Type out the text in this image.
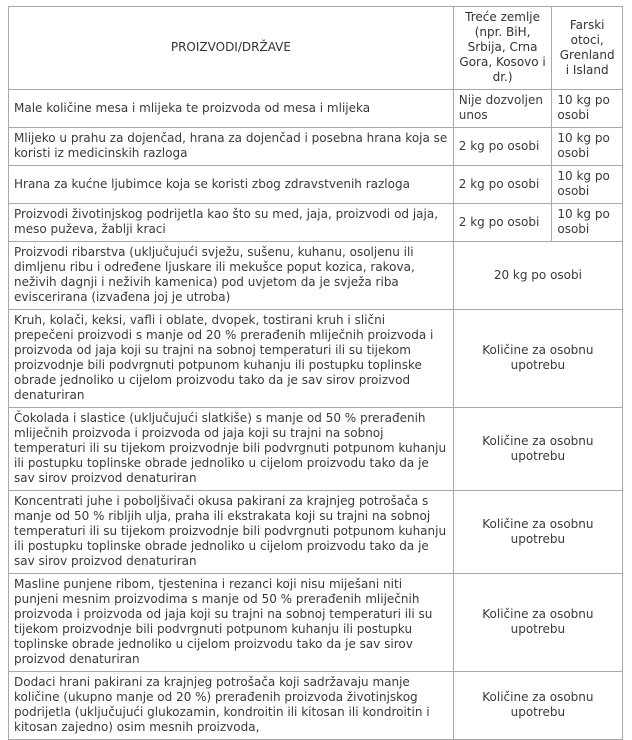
PROIZVODI/DRŽAVE	Treće zemlje (npr. BiH, Srbija, Crna Gora, Kosovo i dr.)	Farski otoci, Grenland i Island
Male količine mesa i mlijeka te proizvoda od mesa i mlijeka	Nije dozvoljen unos	10 kg po osobi
Mlijeko u prahu za dojenčad, hrana za dojenčad i posebna hrana koja se koristi iz medicinskih razloga	2 kg po osobi	10 kg po osobi
Hrana za kućne ljubimce koja se koristi zbog zdravstvenih razloga	2 kg po osobi	10 kg po osobi
Proizvodi životinjskog podrijetla kao što su med, jaja, proizvodi od jaja, meso puževa, žablji kraci	2 kg po osobi	10 kg po osobi
Proizvodi ribarstva (uključujući svježu, sušenu, kuhanu, osoljenu ili dimljenu ribu i određene ljuskare ili mekušce poput kozica, rakova, neživih dagnji i neživih kamenica) pod uvjetom da je svježa riba eviscerirana (izvađena joj je utroba)	20 kg po osobi	
Kruh, kolači, keksi, vafli i oblate, dvopek, tostirani kruh i slični prepečeni proizvodi s manje od 20 % prerađenih mliječnih proizvoda i proizvoda od jaja koji su trajni na sobnoj temperaturi ili su tijekom proizvodnje bili podvrgnuti potpunom kuhanju ili postupku toplinske obrade jednoliko u cijelom proizvodu tako da je sav sirov proizvod denaturiran	Količine za osobnu upotrebu	
Čokolada i slastice (uključujući slatkiše) s manje od 50 % prerađenih mliječnih proizvoda i proizvoda od jaja koji su trajni na sobnoj temperaturi ili su tijekom proizvodnje bili podvrgnuti potpunom kuhanju ili postupku toplinske obrade jednoliko u cijelom proizvodu tako da je sav sirov proizvod denaturiran	Količine za osobnu upotrebu	
Koncentrati juhe i poboljšivači okusa pakirani za krajnjeg potrošača s manje od 50 % ribljih ulja, praha ili ekstrakata koji su trajni na sobnoj temperaturi ili su tijekom proizvodnje bili podvrgnuti potpunom kuhanju ili postupku toplinske obrade jednoliko u cijelom proizvodu tako da je sav sirov proizvod denaturiran	Količine za osobnu upotrebu	
Masline punjene ribom, tjestenina i rezanci koji nisu miješani niti punjeni mesnim proizvodima s manje od 50 % prerađenih mliječnih proizvoda i proizvoda od jaja koji su trajni na sobnoj temperaturi ili su tijekom proizvodnje bili podvrgnuti potpunom kuhanju ili postupku toplinske obrade jednoliko u cijelom proizvodu tako da je sav sirov proizvod denaturiran	Količine za osobnu upotrebu	
Dodaci hrani pakirani za krajnjeg potrošača koji sadržavaju manje količine (ukupno manje od 20 %) prerađenih proizvoda životinjskog podrijetla (uključujući glukozamin, kondroitin ili kitosan ili kondroitin i kitosan zajedno) osim mesnih proizvoda,	Količine za osobnu upotrebu	
